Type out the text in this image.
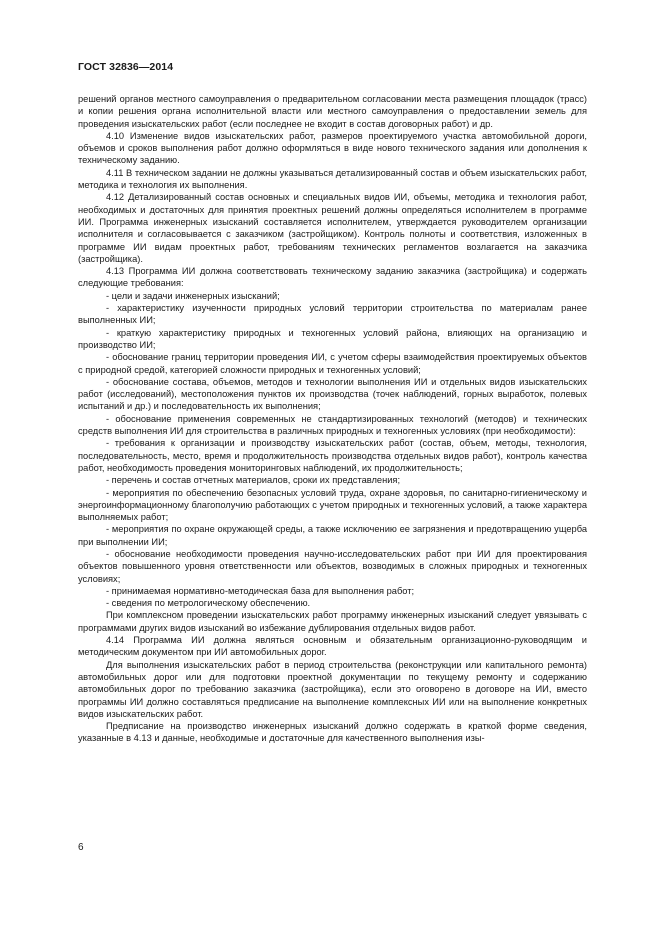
ГОСТ 32836—2014

решений органов местного самоуправления о предварительном согласовании места размещения площадок (трасс) и копии решения органа исполнительной власти или местного самоуправления о предоставлении земель для проведения изыскательских работ (если последнее не входит в состав договорных работ) и др.

4.10 Изменение видов изыскательских работ, размеров проектируемого участка автомобильной дороги, объемов и сроков выполнения работ должно оформляться в виде нового технического задания или дополнения к техническому заданию.

4.11 В техническом задании не должны указываться детализированный состав и объем изыскательских работ, методика и технология их выполнения.

4.12 Детализированный состав основных и специальных видов ИИ, объемы, методика и технология работ, необходимых и достаточных для принятия проектных решений должны определяться исполнителем в программе ИИ. Программа инженерных изысканий составляется исполнителем, утверждается руководителем организации исполнителя и согласовывается с заказчиком (застройщиком). Контроль полноты и соответствия, изложенных в программе ИИ видам проектных работ, требованиям технических регламентов возлагается на заказчика (застройщика).

4.13 Программа ИИ должна соответствовать техническому заданию заказчика (застройщика) и содержать следующие требования:

- цели и задачи инженерных изысканий;

- характеристику изученности природных условий территории строительства по материалам ранее выполненных ИИ;

- краткую характеристику природных и техногенных условий района, влияющих на организацию и производство ИИ;

- обоснование границ территории проведения ИИ, с учетом сферы взаимодействия проектируемых объектов с природной средой, категорией сложности природных и техногенных условий;

- обоснование состава, объемов, методов и технологии выполнения ИИ и отдельных видов изыскательских работ (исследований), местоположения пунктов их производства (точек наблюдений, горных выработок, полевых испытаний и др.) и последовательность их выполнения;

- обоснование применения современных не стандартизированных технологий (методов) и технических средств выполнения ИИ для строительства в различных природных и техногенных условиях (при необходимости):

- требования к организации и производству изыскательских работ (состав, объем, методы, технология, последовательность, место, время и продолжительность производства отдельных видов работ), контроль качества работ, необходимость проведения мониторинговых наблюдений, их продолжительность;

- перечень и состав отчетных материалов, сроки их представления;

- мероприятия по обеспечению безопасных условий труда, охране здоровья, по санитарно-гигиеническому и энергоинформационному благополучию работающих с учетом природных и техногенных условий, а также характера выполняемых работ;

- мероприятия по охране окружающей среды, а также исключению ее загрязнения и предотвращению ущерба при выполнении ИИ;

- обоснование необходимости проведения научно-исследовательских работ при ИИ для проектирования объектов повышенного уровня ответственности или объектов, возводимых в сложных природных и техногенных условиях;

- принимаемая нормативно-методическая база для выполнения работ;

- сведения по метрологическому обеспечению.

При комплексном проведении изыскательских работ программу инженерных изысканий следует увязывать с программами других видов изысканий во избежание дублирования отдельных видов работ.

4.14 Программа ИИ должна являться основным и обязательным организационно-руководящим и методическим документом при ИИ автомобильных дорог.

Для выполнения изыскательских работ в период строительства (реконструкции или капитального ремонта) автомобильных дорог или для подготовки проектной документации по текущему ремонту и содержанию автомобильных дорог по требованию заказчика (застройщика), если это оговорено в договоре на ИИ, вместо программы ИИ должно составляться предписание на выполнение комплексных ИИ или на выполнение конкретных видов изыскательских работ.

Предписание на производство инженерных изысканий должно содержать в краткой форме сведения, указанные в 4.13 и данные, необходимые и достаточные для качественного выполнения изы-

6
